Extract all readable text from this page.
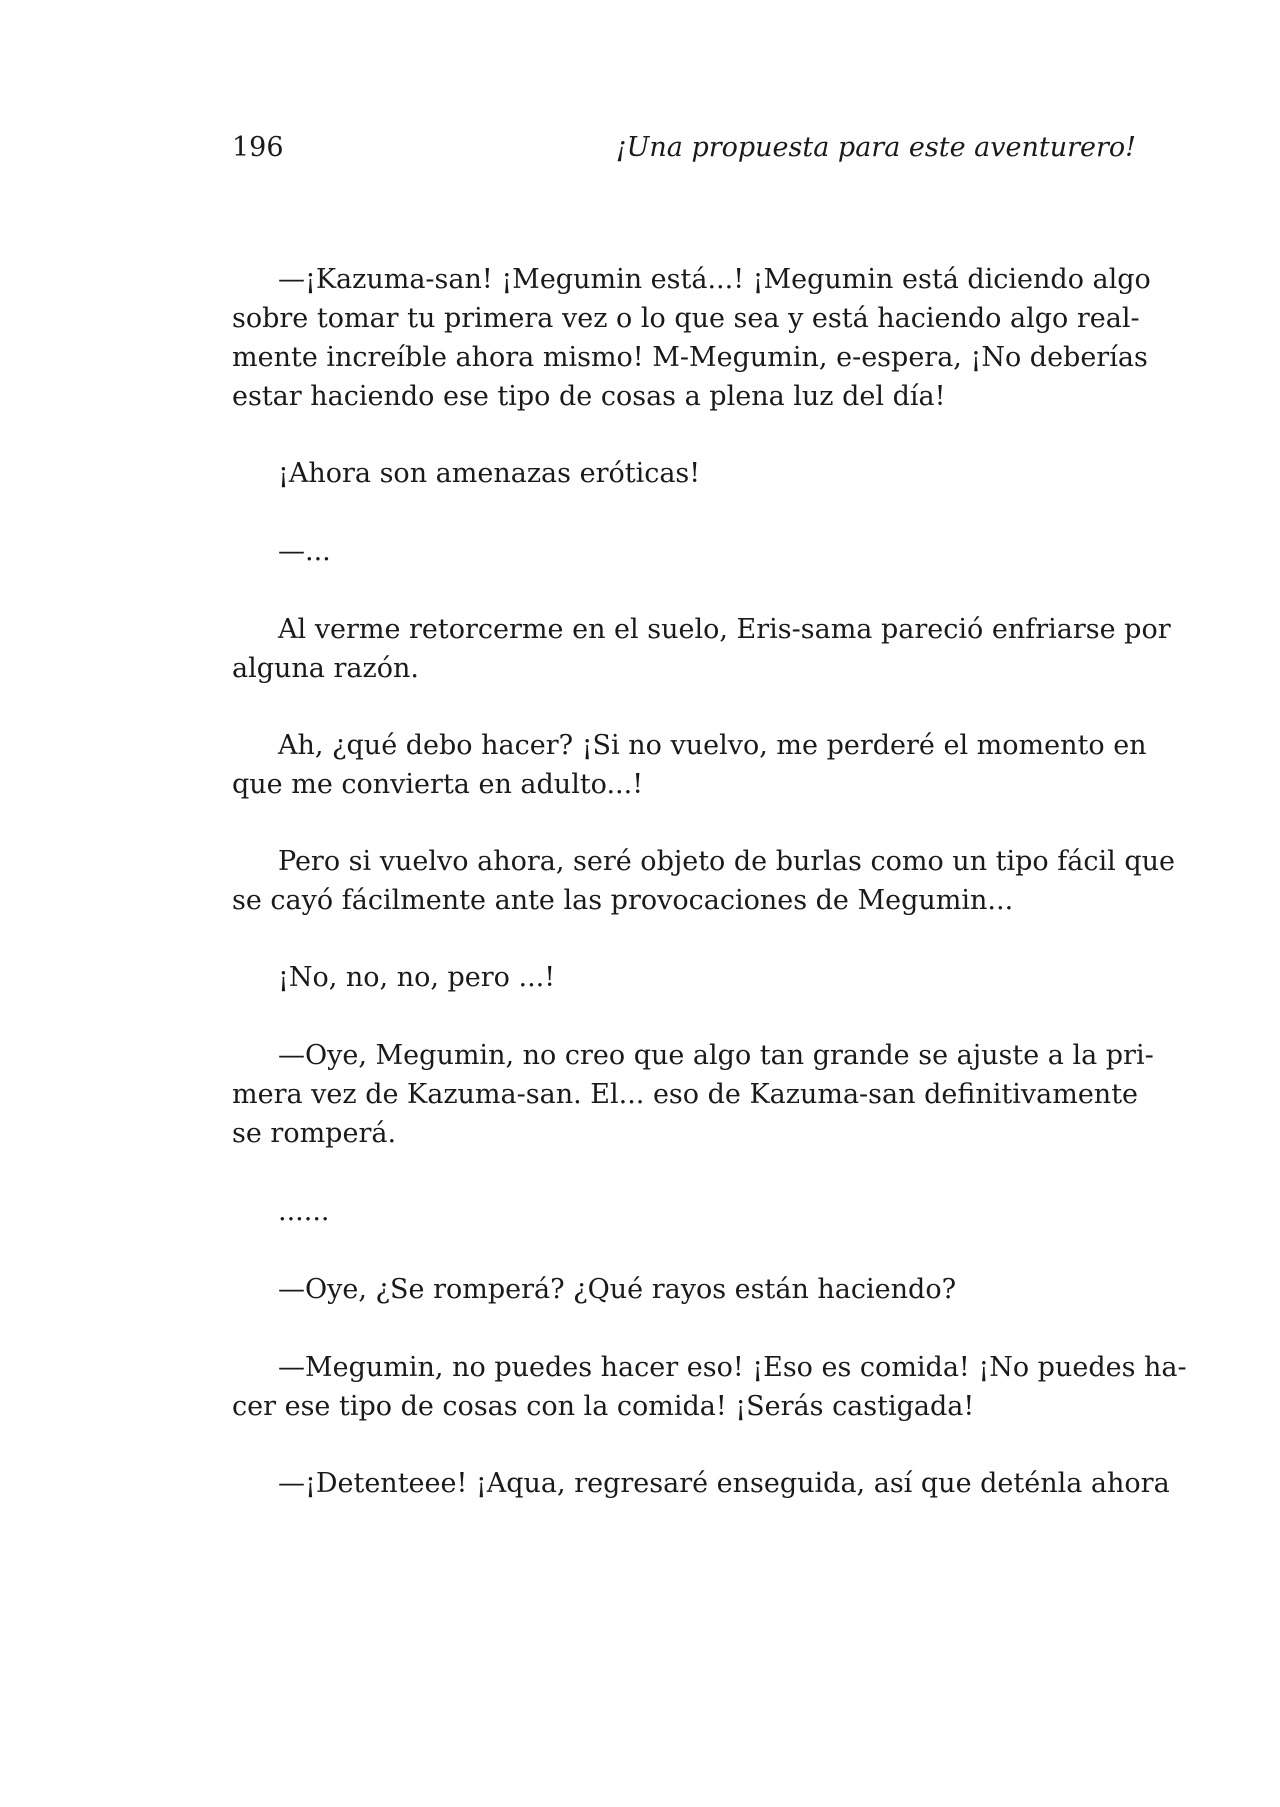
196	¡Una propuesta para este aventurero!
—¡Kazuma-san! ¡Megumin está...! ¡Megumin está diciendo algo
sobre tomar tu primera vez o lo que sea y está haciendo algo real-
mente increíble ahora mismo! M-Megumin, e-espera, ¡No deberías
estar haciendo ese tipo de cosas a plena luz del día!
¡Ahora son amenazas eróticas!
—...
Al verme retorcerme en el suelo, Eris-sama pareció enfriarse por
alguna razón.
Ah, ¿qué debo hacer? ¡Si no vuelvo, me perderé el momento en
que me convierta en adulto...!
Pero si vuelvo ahora, seré objeto de burlas como un tipo fácil que
se cayó fácilmente ante las provocaciones de Megumin...
¡No, no, no, pero ...!
—Oye, Megumin, no creo que algo tan grande se ajuste a la pri-
mera vez de Kazuma-san. El... eso de Kazuma-san definitivamente
se romperá.
......
—Oye, ¿Se romperá? ¿Qué rayos están haciendo?
—Megumin, no puedes hacer eso! ¡Eso es comida! ¡No puedes ha-
cer ese tipo de cosas con la comida! ¡Serás castigada!
—¡Detenteee! ¡Aqua, regresaré enseguida, así que deténla ahora
